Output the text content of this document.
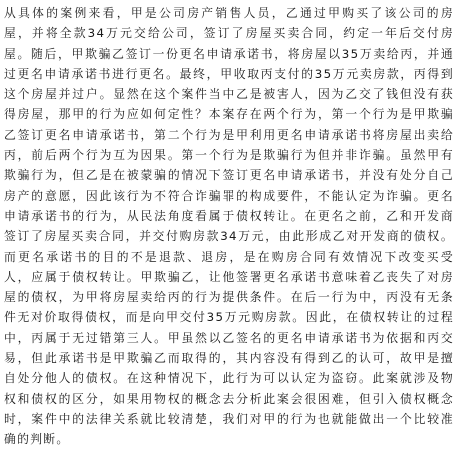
从具体的案例来看，甲是公司房产销售人员，乙通过甲购买了该公司的房
屋，并将全款34万元交给公司，签订了房屋买卖合同，约定一年后交付房
屋。随后，甲欺骗乙签订一份更名申请承诺书，将房屋以35万卖给丙，并通
过更名申请承诺书进行更名。最终，甲收取丙支付的35万元卖房款，丙得到
这个房屋并过户。显然在这个案件当中乙是被害人，因为乙交了钱但没有获
得房屋，那甲的行为应如何定性？本案存在两个行为，第一个行为是甲欺骗
乙签订更名申请承诺书，第二个行为是甲利用更名申请承诺书将房屋出卖给
丙，前后两个行为互为因果。第一个行为是欺骗行为但并非诈骗。虽然甲有
欺骗行为，但乙是在被蒙骗的情况下签订更名申请承诺书，并没有处分自己
房产的意愿，因此该行为不符合诈骗罪的构成要件，不能认定为诈骗。更名
申请承诺书的行为，从民法角度看属于债权转让。在更名之前，乙和开发商
签订了房屋买卖合同，并交付购房款34万元，由此形成乙对开发商的债权。
而更名承诺书的目的不是退款、退房，是在购房合同有效情况下改变买受
人，应属于债权转让。甲欺骗乙，让他签署更名承诺书意味着乙丧失了对房
屋的债权，为甲将房屋卖给丙的行为提供条件。在后一行为中，丙没有无条
件无对价取得债权，而是向甲交付35万元购房款。因此，在债权转让的过程
中，丙属于无过错第三人。甲虽然以乙签名的更名申请承诺书为依据和丙交
易，但此承诺书是甲欺骗乙而取得的，其内容没有得到乙的认可，故甲是擅
自处分他人的债权。在这种情况下，此行为可以认定为盗窃。此案就涉及物
权和债权的区分，如果用物权的概念去分析此案会很困难，但引入债权概念
时，案件中的法律关系就比较清楚，我们对甲的行为也就能做出一个比较准
确的判断。
